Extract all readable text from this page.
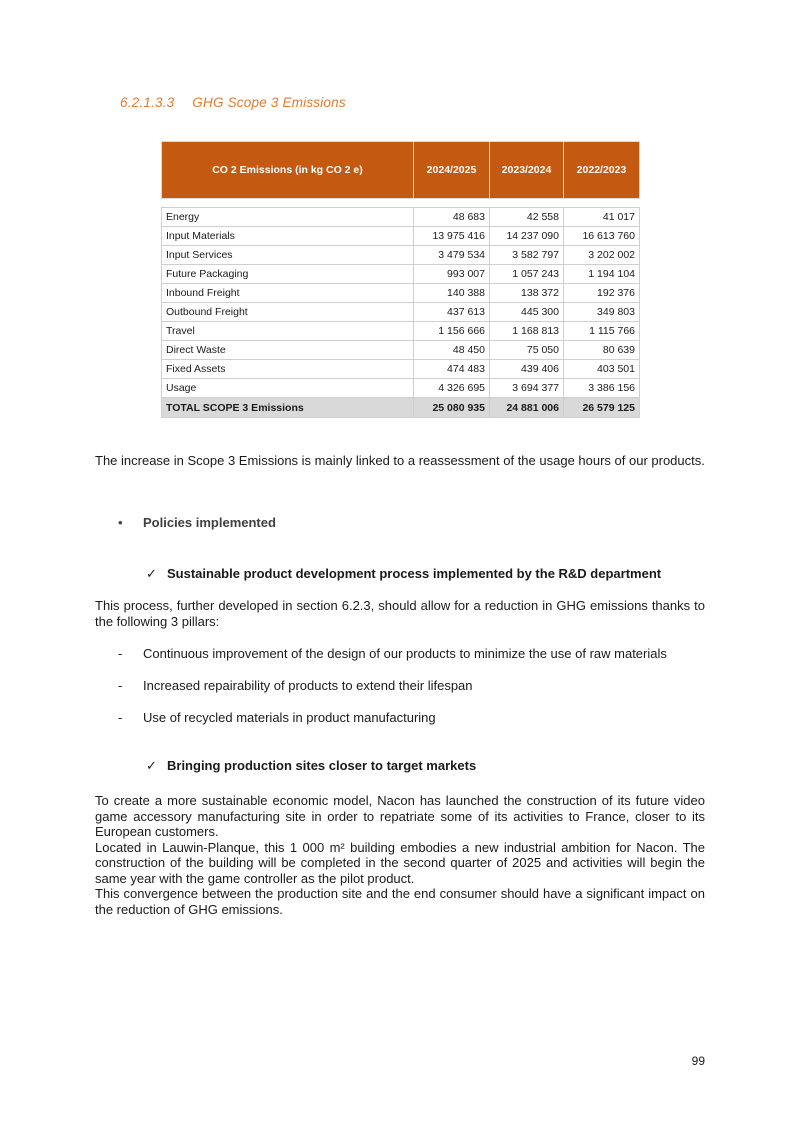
6.2.1.3.3 GHG Scope 3 Emissions
CO 2 Emissions (in kg CO 2 e)	2024/2025	2023/2024	2022/2023

Energy	48 683	42 558	41 017
Input Materials	13 975 416	14 237 090	16 613 760
Input Services	3 479 534	3 582 797	3 202 002
Future Packaging	993 007	1 057 243	1 194 104
Inbound Freight	140 388	138 372	192 376
Outbound Freight	437 613	445 300	349 803
Travel	1 156 666	1 168 813	1 115 766
Direct Waste	48 450	75 050	80 639
Fixed Assets	474 483	439 406	403 501
Usage	4 326 695	3 694 377	3 386 156
TOTAL SCOPE 3 Emissions	25 080 935	24 881 006	26 579 125
The increase in Scope 3 Emissions is mainly linked to a reassessment of the usage hours of our products.
• Policies implemented
✓ Sustainable product development process implemented by the R&D department
This process, further developed in section 6.2.3, should allow for a reduction in GHG emissions thanks to the following 3 pillars:
- Continuous improvement of the design of our products to minimize the use of raw materials
- Increased repairability of products to extend their lifespan
- Use of recycled materials in product manufacturing
✓ Bringing production sites closer to target markets
To create a more sustainable economic model, Nacon has launched the construction of its future video game accessory manufacturing site in order to repatriate some of its activities to France, closer to its European customers.
Located in Lauwin-Planque, this 1 000 m² building embodies a new industrial ambition for Nacon. The construction of the building will be completed in the second quarter of 2025 and activities will begin the same year with the game controller as the pilot product.
This convergence between the production site and the end consumer should have a significant impact on the reduction of GHG emissions.
99
